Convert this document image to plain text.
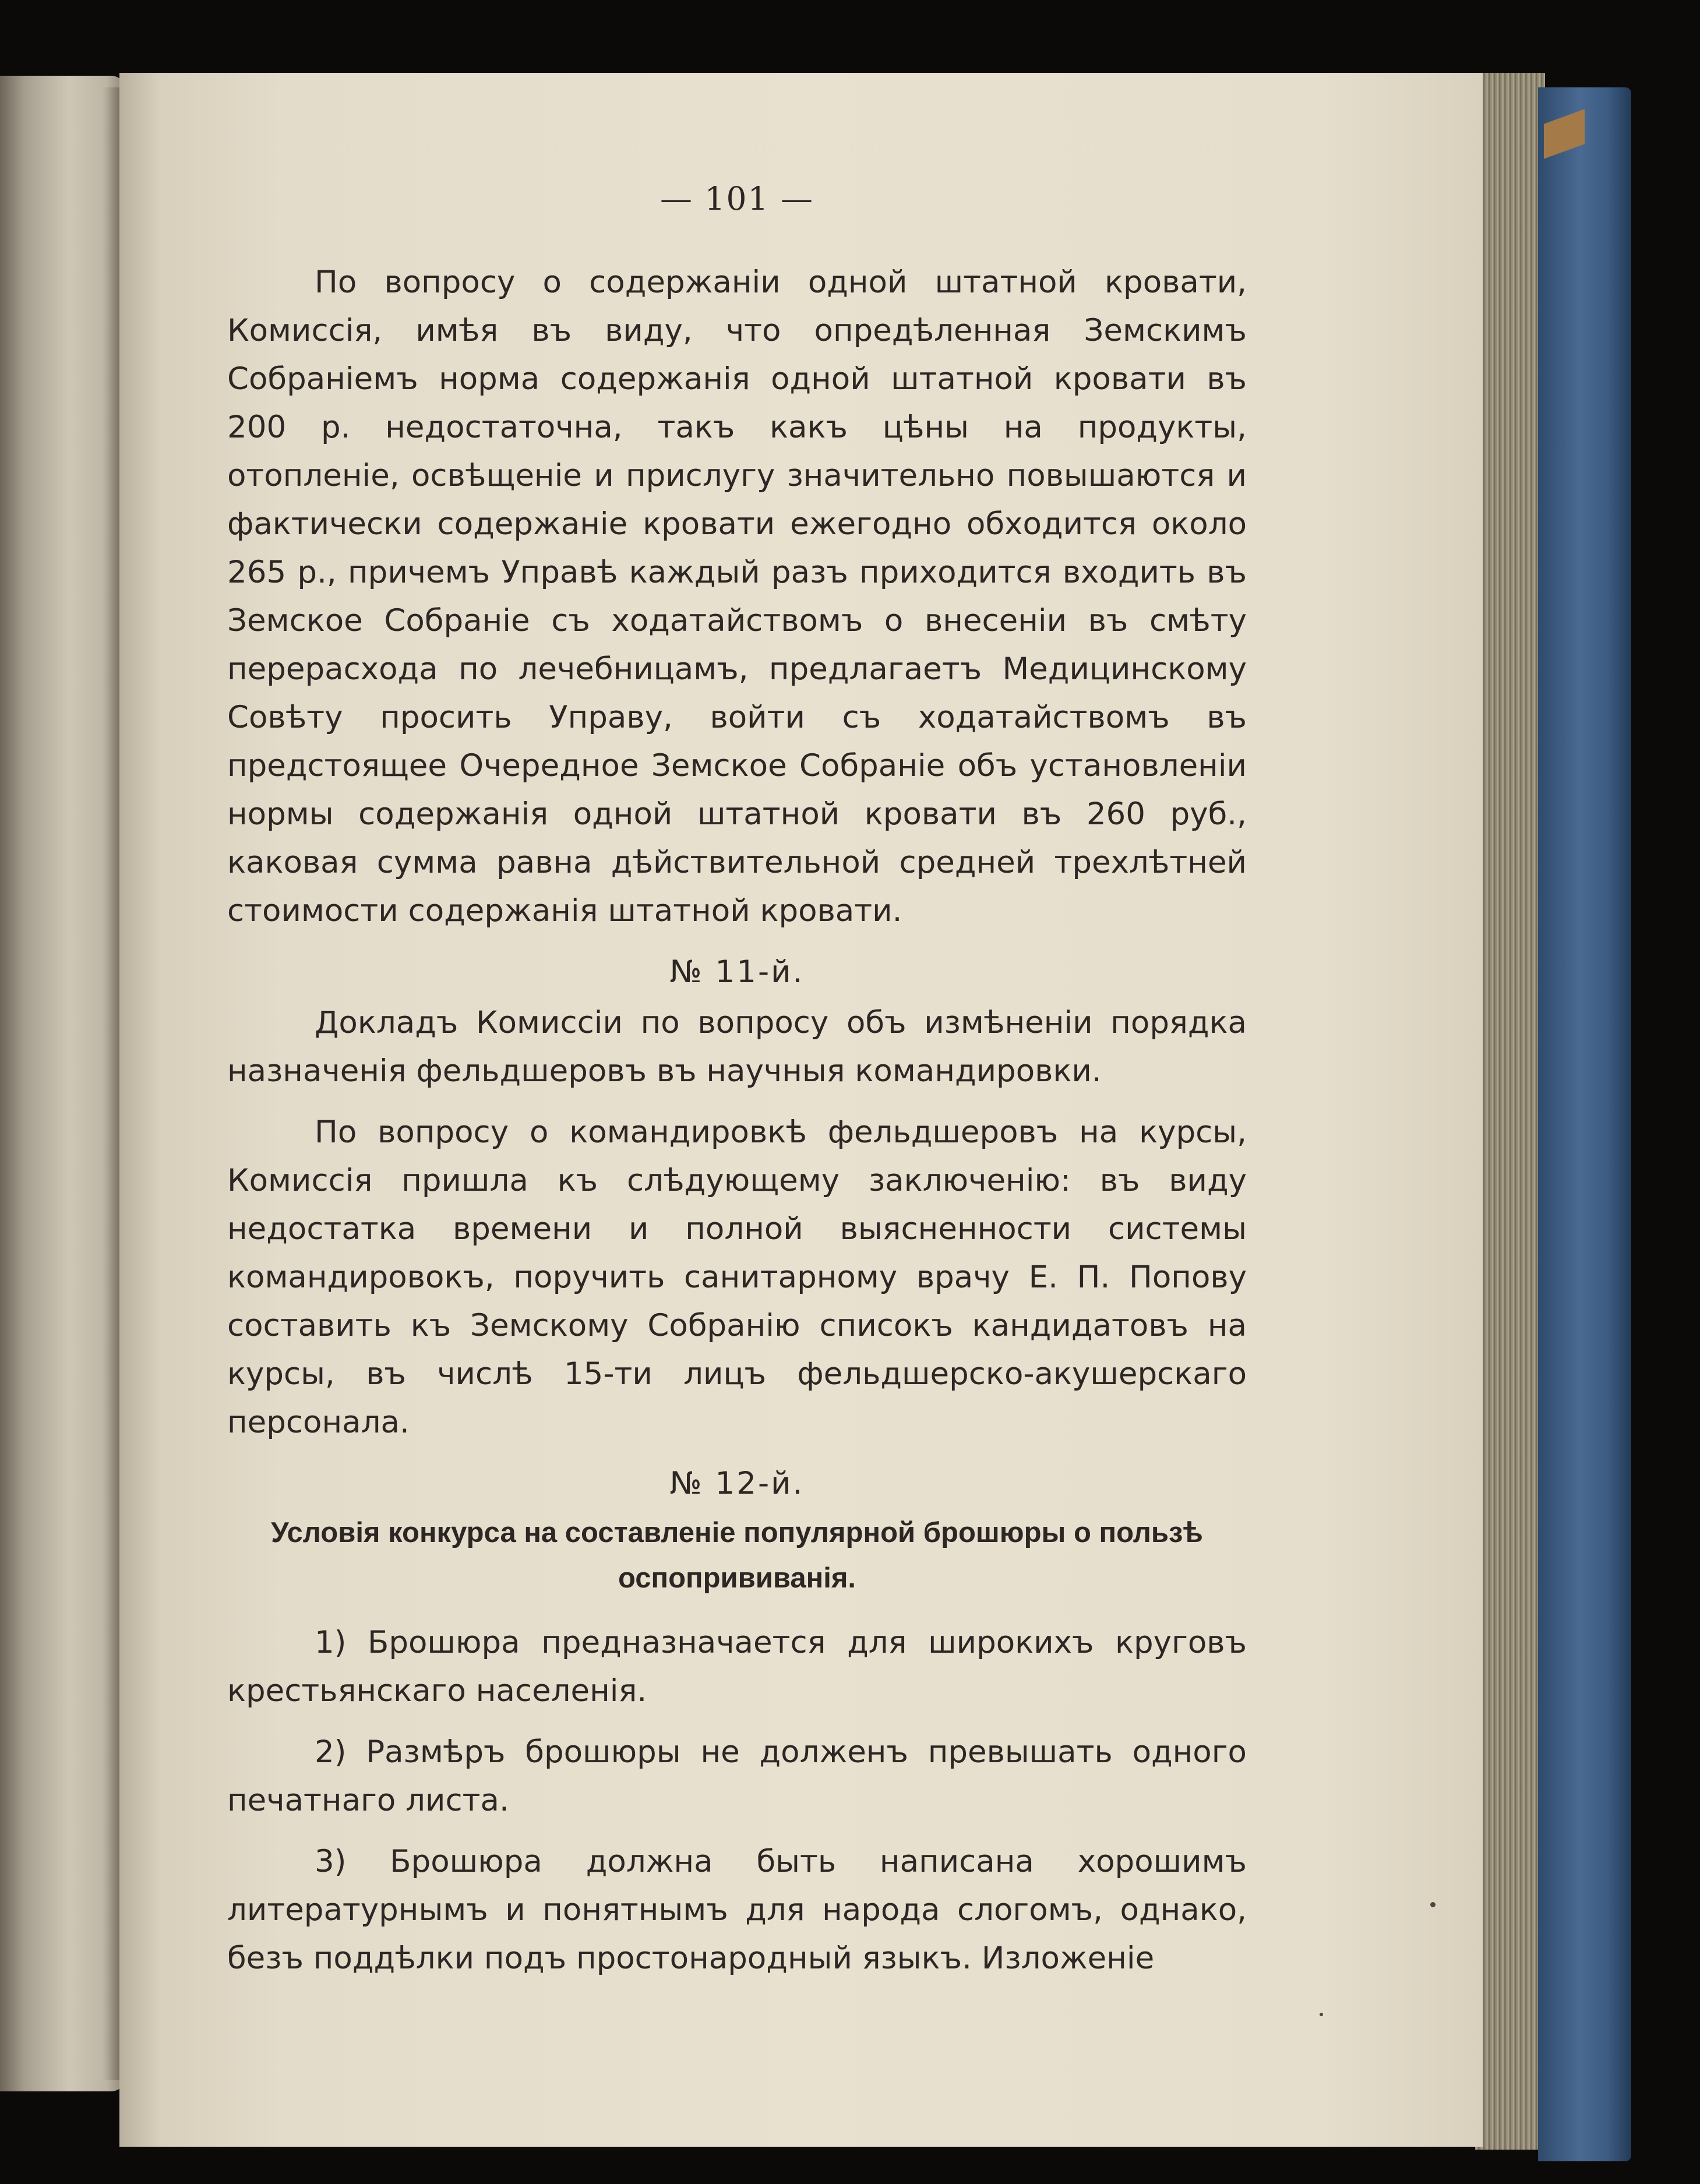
— 101 —

По вопросу о содержаніи одной штатной кровати, Комиссія, имѣя въ виду, что опредѣленная Земскимъ Собраніемъ норма содержанія одной штатной кровати въ 200 р. недостаточна, такъ какъ цѣны на продукты, отопленіе, освѣщеніе и прислугу значительно повышаются и фактически содержаніе кровати ежегодно обходится около 265 р., причемъ Управѣ каждый разъ приходится входить въ Земское Собраніе съ ходатайствомъ о внесеніи въ смѣту перерасхода по лечебницамъ, предлагаетъ Медицинскому Совѣту просить Управу, войти съ ходатайствомъ въ предстоящее Очередное Земское Собраніе объ установленіи нормы содержанія одной штатной кровати въ 260 руб., каковая сумма равна дѣйствительной средней трехлѣтней стоимости содержанія штатной кровати.

№ 11-й.

Докладъ Комиссіи по вопросу объ измѣненіи порядка назначенія фельдшеровъ въ научныя командировки.

По вопросу о командировкѣ фельдшеровъ на курсы, Комиссія пришла къ слѣдующему заключенію: въ виду недостатка времени и полной выясненности системы командировокъ, поручить санитарному врачу Е. П. Попову составить къ Земскому Собранію списокъ кандидатовъ на курсы, въ числѣ 15-ти лицъ фельдшерско-акушерскаго персонала.

№ 12-й.

Условія конкурса на составленіе популярной брошюры о пользѣ оспопрививанія.

1) Брошюра предназначается для широкихъ круговъ крестьянскаго населенія.

2) Размѣръ брошюры не долженъ превышать одного печатнаго листа.

3) Брошюра должна быть написана хорошимъ литературнымъ и понятнымъ для народа слогомъ, однако, безъ поддѣлки подъ простонародный языкъ. Изложеніе
